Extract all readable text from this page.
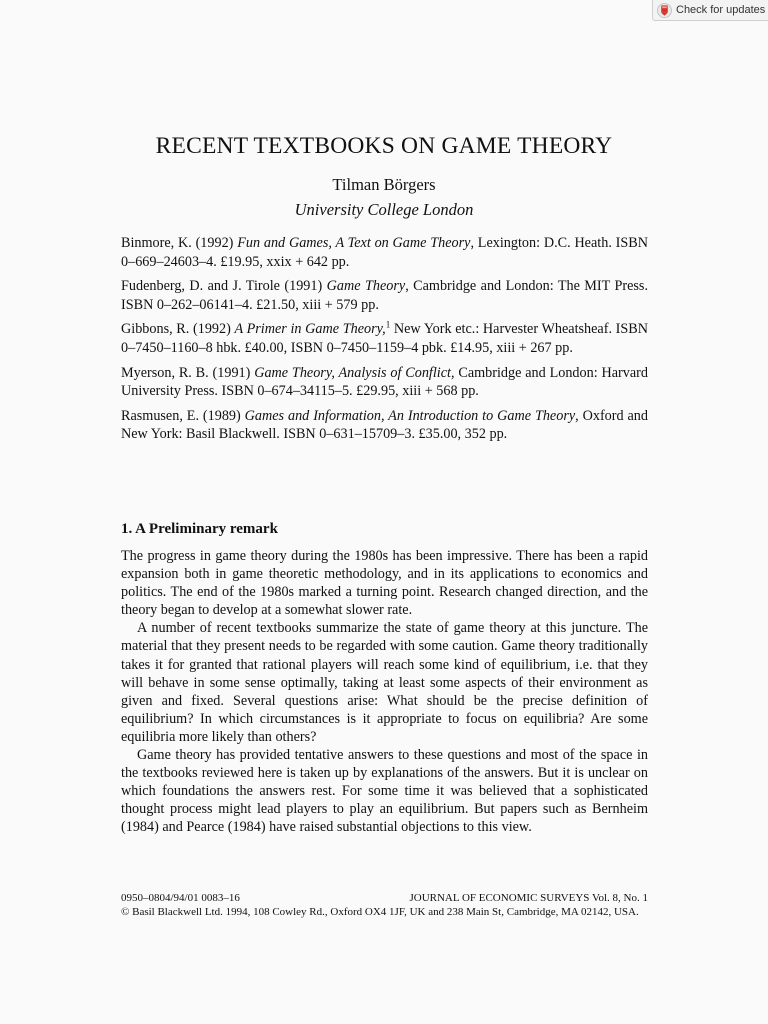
Check for updates
RECENT TEXTBOOKS ON GAME THEORY
Tilman Börgers
University College London

Binmore, K. (1992) Fun and Games, A Text on Game Theory, Lexington: D.C. Heath. ISBN 0–669–24603–4. £19.95, xxix + 642 pp.

Fudenberg, D. and J. Tirole (1991) Game Theory, Cambridge and London: The MIT Press. ISBN 0–262–06141–4. £21.50, xiii + 579 pp.

Gibbons, R. (1992) A Primer in Game Theory,$^1$ New York etc.: Harvester Wheatsheaf. ISBN 0–7450–1160–8 hbk. £40.00, ISBN 0–7450–1159–4 pbk. £14.95, xiii + 267 pp.

Myerson, R. B. (1991) Game Theory, Analysis of Conflict, Cambridge and London: Harvard University Press. ISBN 0–674–34115–5. £29.95, xiii + 568 pp.

Rasmusen, E. (1989) Games and Information, An Introduction to Game Theory, Oxford and New York: Basil Blackwell. ISBN 0–631–15709–3. £35.00, 352 pp.

1. A Preliminary remark

The progress in game theory during the 1980s has been impressive. There has been a rapid expansion both in game theoretic methodology, and in its applications to economics and politics. The end of the 1980s marked a turning point. Research changed direction, and the theory began to develop at a somewhat slower rate.

A number of recent textbooks summarize the state of game theory at this juncture. The material that they present needs to be regarded with some caution. Game theory traditionally takes it for granted that rational players will reach some kind of equilibrium, i.e. that they will behave in some sense optimally, taking at least some aspects of their environment as given and fixed. Several questions arise: What should be the precise definition of equilibrium? In which circumstances is it appropriate to focus on equilibria? Are some equilibria more likely than others?

Game theory has provided tentative answers to these questions and most of the space in the textbooks reviewed here is taken up by explanations of the answers. But it is unclear on which foundations the answers rest. For some time it was believed that a sophisticated thought process might lead players to play an equilibrium. But papers such as Bernheim (1984) and Pearce (1984) have raised substantial objections to this view.

0950–0804/94/01 0083–16	JOURNAL OF ECONOMIC SURVEYS Vol. 8, No. 1
© Basil Blackwell Ltd. 1994, 108 Cowley Rd., Oxford OX4 1JF, UK and 238 Main St, Cambridge, MA 02142, USA.
